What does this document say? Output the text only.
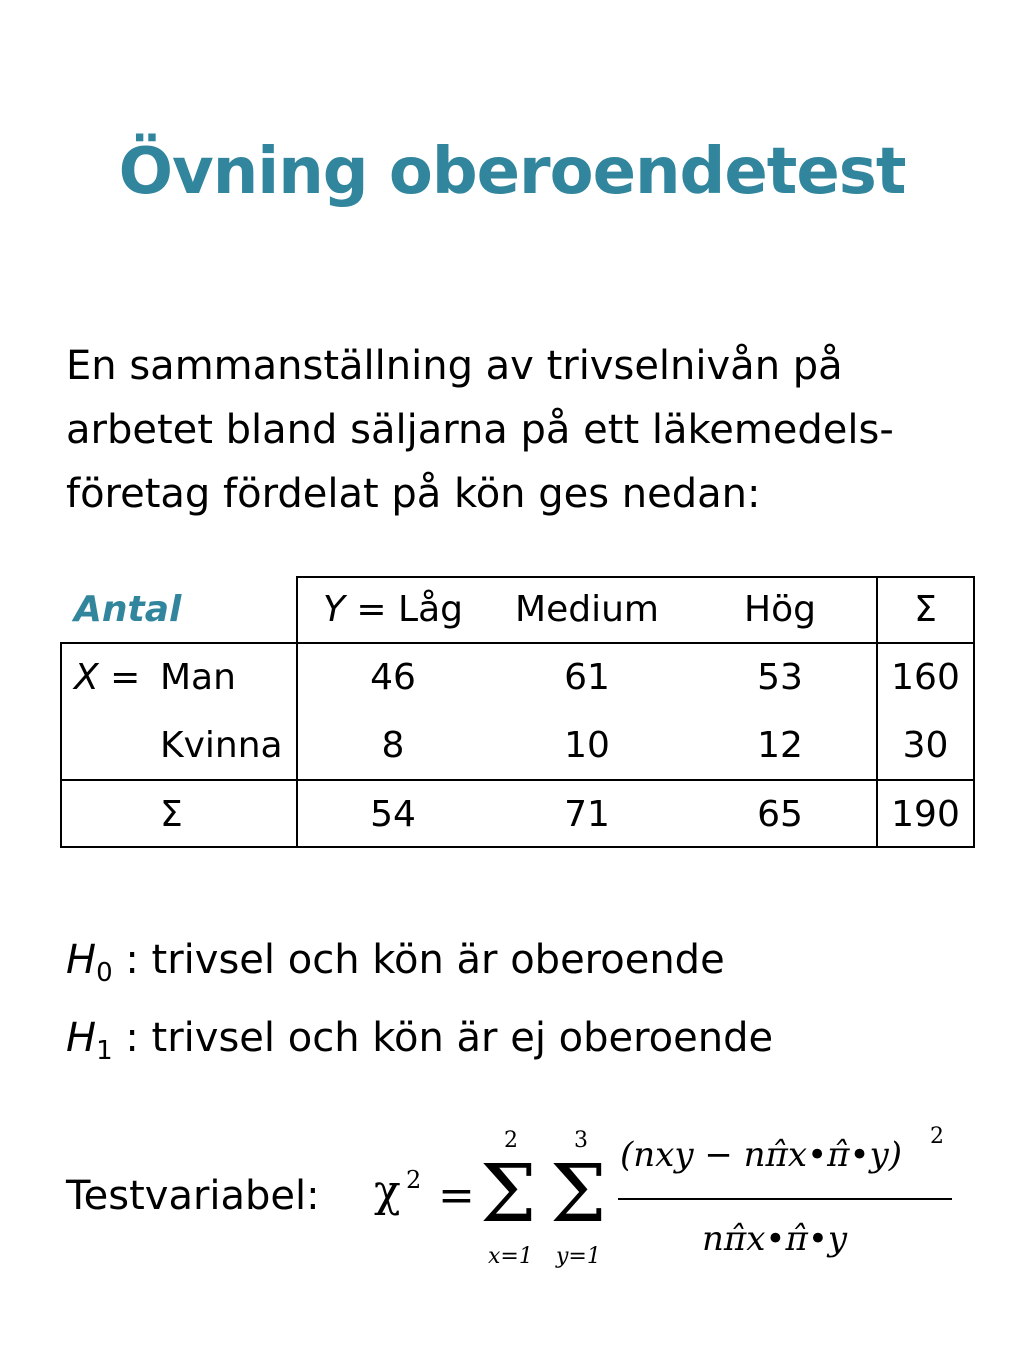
Övning oberoendetest
En sammanställning av trivselnivån på
arbetet bland säljarna på ett läkemedels-
företag fördelat på kön ges nedan:
Antal	Y = Låg	Medium	Hög	Σ
X = Man	46	61	53	160
Kvinna	8	10	12	30
Σ	54	71	65	190
$H_0$ : trivsel och kön är oberoende
$H_1$ : trivsel och kön är ej oberoende
Testvariabel: χ 2 =
2
Σ
x=1
3
Σ
y=1
(nxy − nπ̂x•π̂•y) 2
nπ̂x•π̂•y
